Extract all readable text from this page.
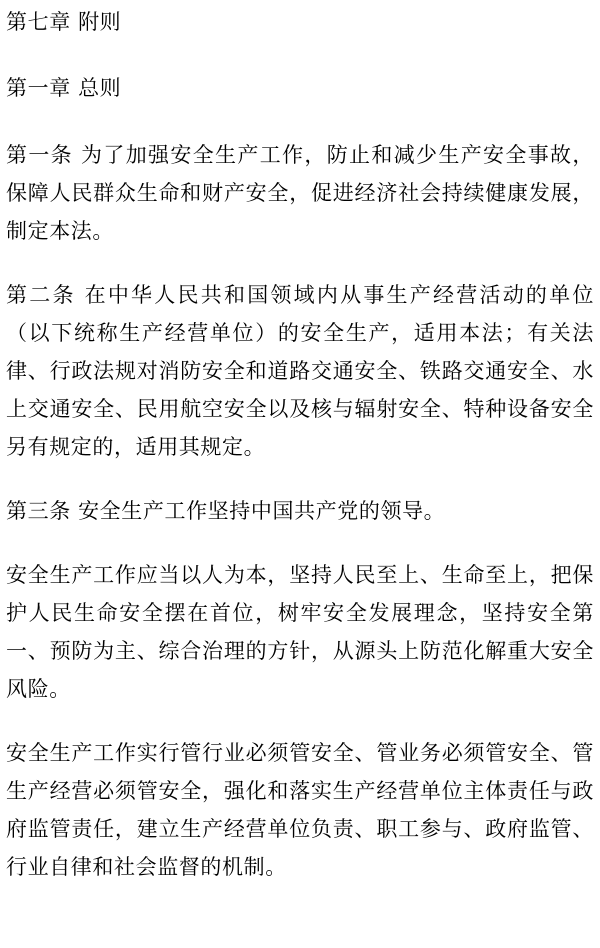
第七章 附则
第一章 总则

第一条 为了加强安全生产工作，防止和减少生产安全事故，保障人民群众生命和财产安全，促进经济社会持续健康发展，制定本法。

第二条 在中华人民共和国领域内从事生产经营活动的单位（以下统称生产经营单位）的安全生产，适用本法；有关法律、行政法规对消防安全和道路交通安全、铁路交通安全、水上交通安全、民用航空安全以及核与辐射安全、特种设备安全另有规定的，适用其规定。

第三条 安全生产工作坚持中国共产党的领导。

安全生产工作应当以人为本，坚持人民至上、生命至上，把保护人民生命安全摆在首位，树牢安全发展理念，坚持安全第一、预防为主、综合治理的方针，从源头上防范化解重大安全风险。

安全生产工作实行管行业必须管安全、管业务必须管安全、管生产经营必须管安全，强化和落实生产经营单位主体责任与政府监管责任，建立生产经营单位负责、职工参与、政府监管、行业自律和社会监督的机制。
